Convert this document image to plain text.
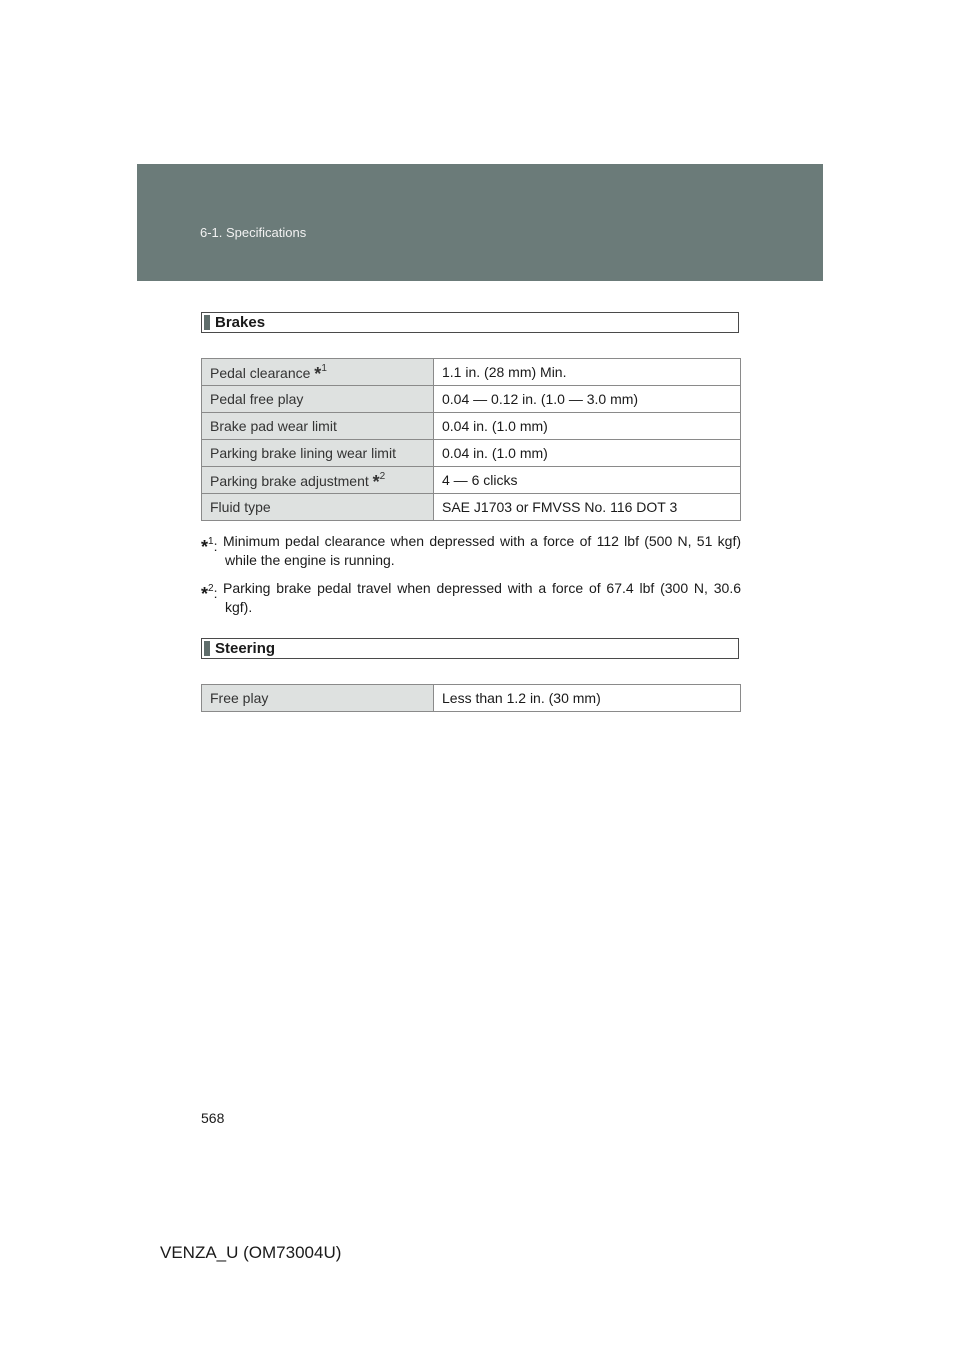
6-1. Specifications
Brakes
Pedal clearance $^{*1}$	1.1 in. (28 mm) Min.
Pedal free play	0.04 — 0.12 in. (1.0 — 3.0 mm)
Brake pad wear limit	0.04 in. (1.0 mm)
Parking brake lining wear limit	0.04 in. (1.0 mm)
Parking brake adjustment $^{*2}$	4 — 6 clicks
Fluid type	SAE J1703 or FMVSS No. 116 DOT 3
$^{*1}$: Minimum pedal clearance when depressed with a force of 112 lbf (500 N, 51 kgf) while the engine is running.
$^{*2}$: Parking brake pedal travel when depressed with a force of 67.4 lbf (300 N, 30.6 kgf).
Steering
Free play	Less than 1.2 in. (30 mm)
568
VENZA_U (OM73004U)
